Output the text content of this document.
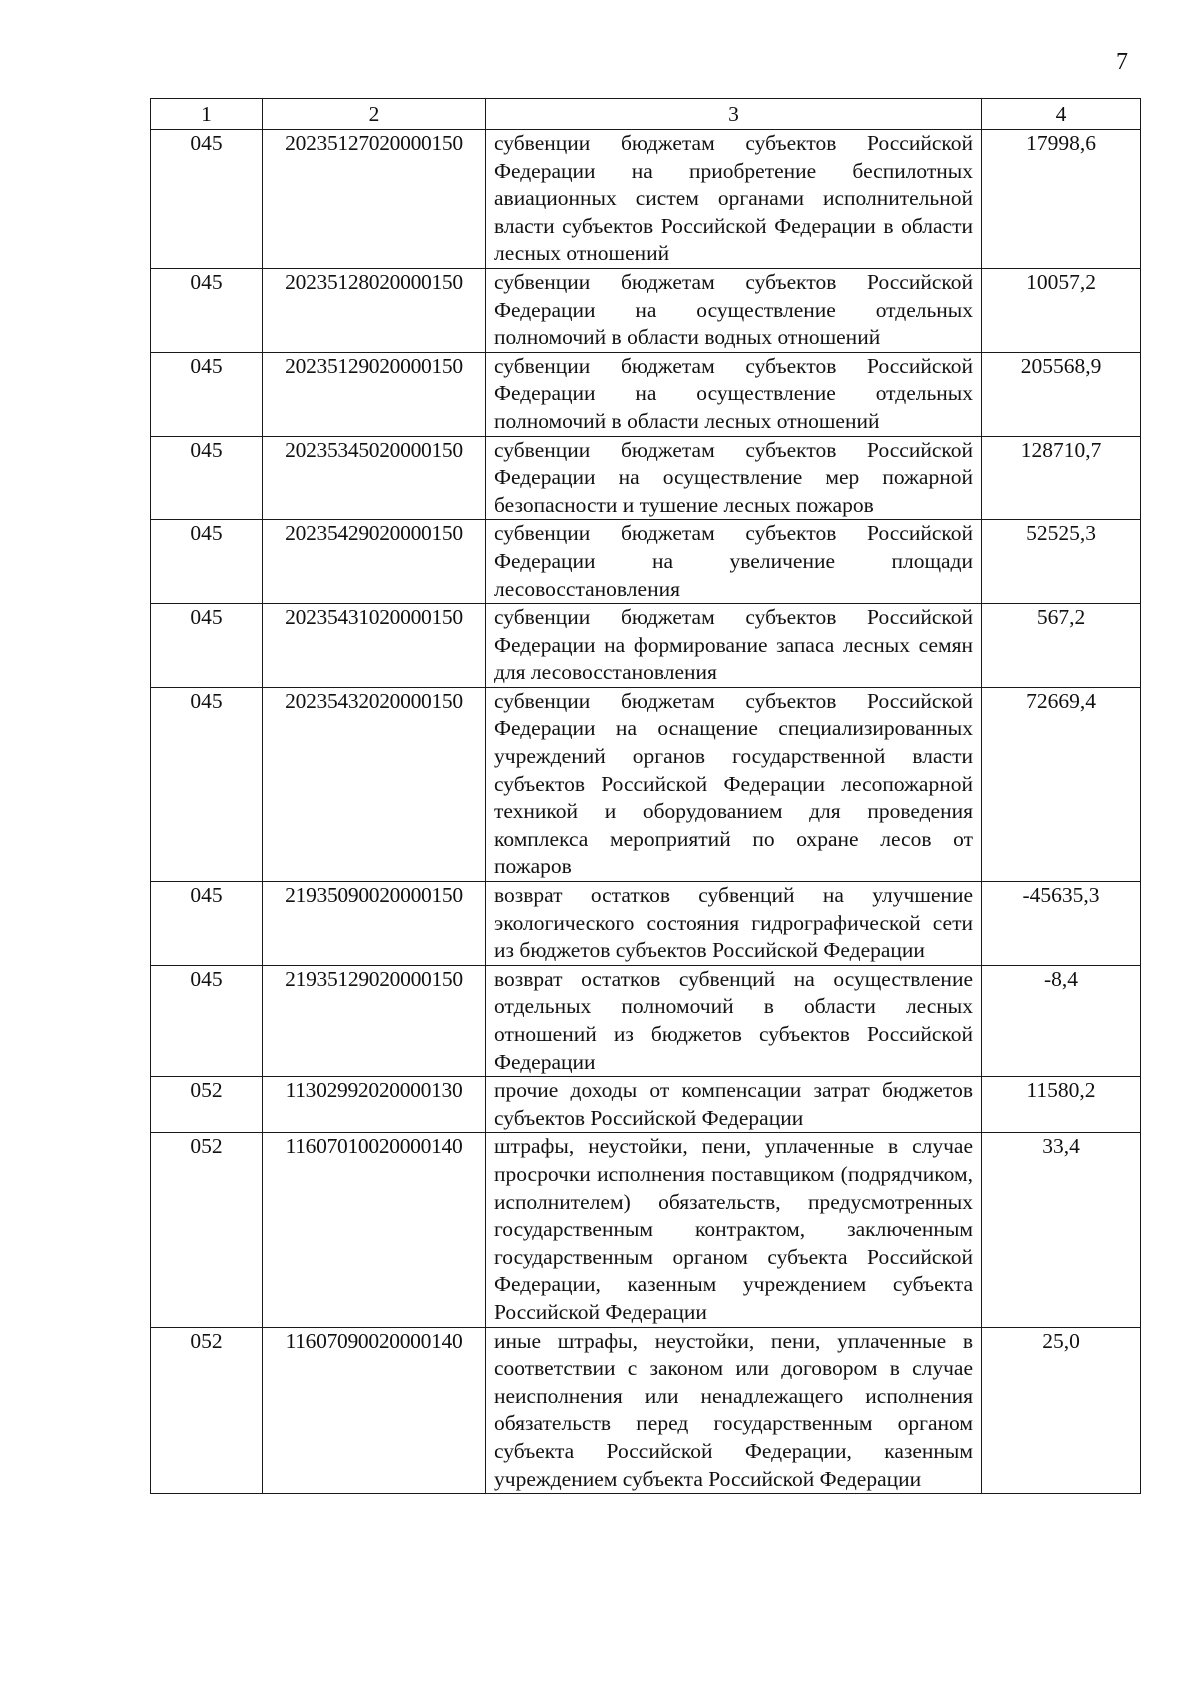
7
1	2	3	4
045	20235127020000150	субвенции бюджетам субъектов Российской Федерации на приобретение беспилотных авиационных систем органами исполнительной власти субъектов Российской Федерации в области лесных отношений	17998,6
045	20235128020000150	субвенции бюджетам субъектов Российской Федерации на осуществление отдельных полномочий в области водных отношений	10057,2
045	20235129020000150	субвенции бюджетам субъектов Российской Федерации на осуществление отдельных полномочий в области лесных отношений	205568,9
045	20235345020000150	субвенции бюджетам субъектов Российской Федерации на осуществление мер пожарной безопасности и тушение лесных пожаров	128710,7
045	20235429020000150	субвенции бюджетам субъектов Российской Федерации на увеличение площади лесовосстановления	52525,3
045	20235431020000150	субвенции бюджетам субъектов Российской Федерации на формирование запаса лесных семян для лесовосстановления	567,2
045	20235432020000150	субвенции бюджетам субъектов Российской Федерации на оснащение специализированных учреждений органов государственной власти субъектов Российской Федерации лесопожарной техникой и оборудованием для проведения комплекса мероприятий по охране лесов от пожаров	72669,4
045	21935090020000150	возврат остатков субвенций на улучшение экологического состояния гидрографической сети из бюджетов субъектов Российской Федерации	-45635,3
045	21935129020000150	возврат остатков субвенций на осуществление отдельных полномочий в области лесных отношений из бюджетов субъектов Российской Федерации	-8,4
052	11302992020000130	прочие доходы от компенсации затрат бюджетов субъектов Российской Федерации	11580,2
052	11607010020000140	штрафы, неустойки, пени, уплаченные в случае просрочки исполнения поставщиком (подрядчиком, исполнителем) обязательств, предусмотренных государственным контрактом, заключенным государственным органом субъекта Российской Федерации, казенным учреждением субъекта Российской Федерации	33,4
052	11607090020000140	иные штрафы, неустойки, пени, уплаченные в соответствии с законом или договором в случае неисполнения или ненадлежащего исполнения обязательств перед государственным органом субъекта Российской Федерации, казенным учреждением субъекта Российской Федерации	25,0
